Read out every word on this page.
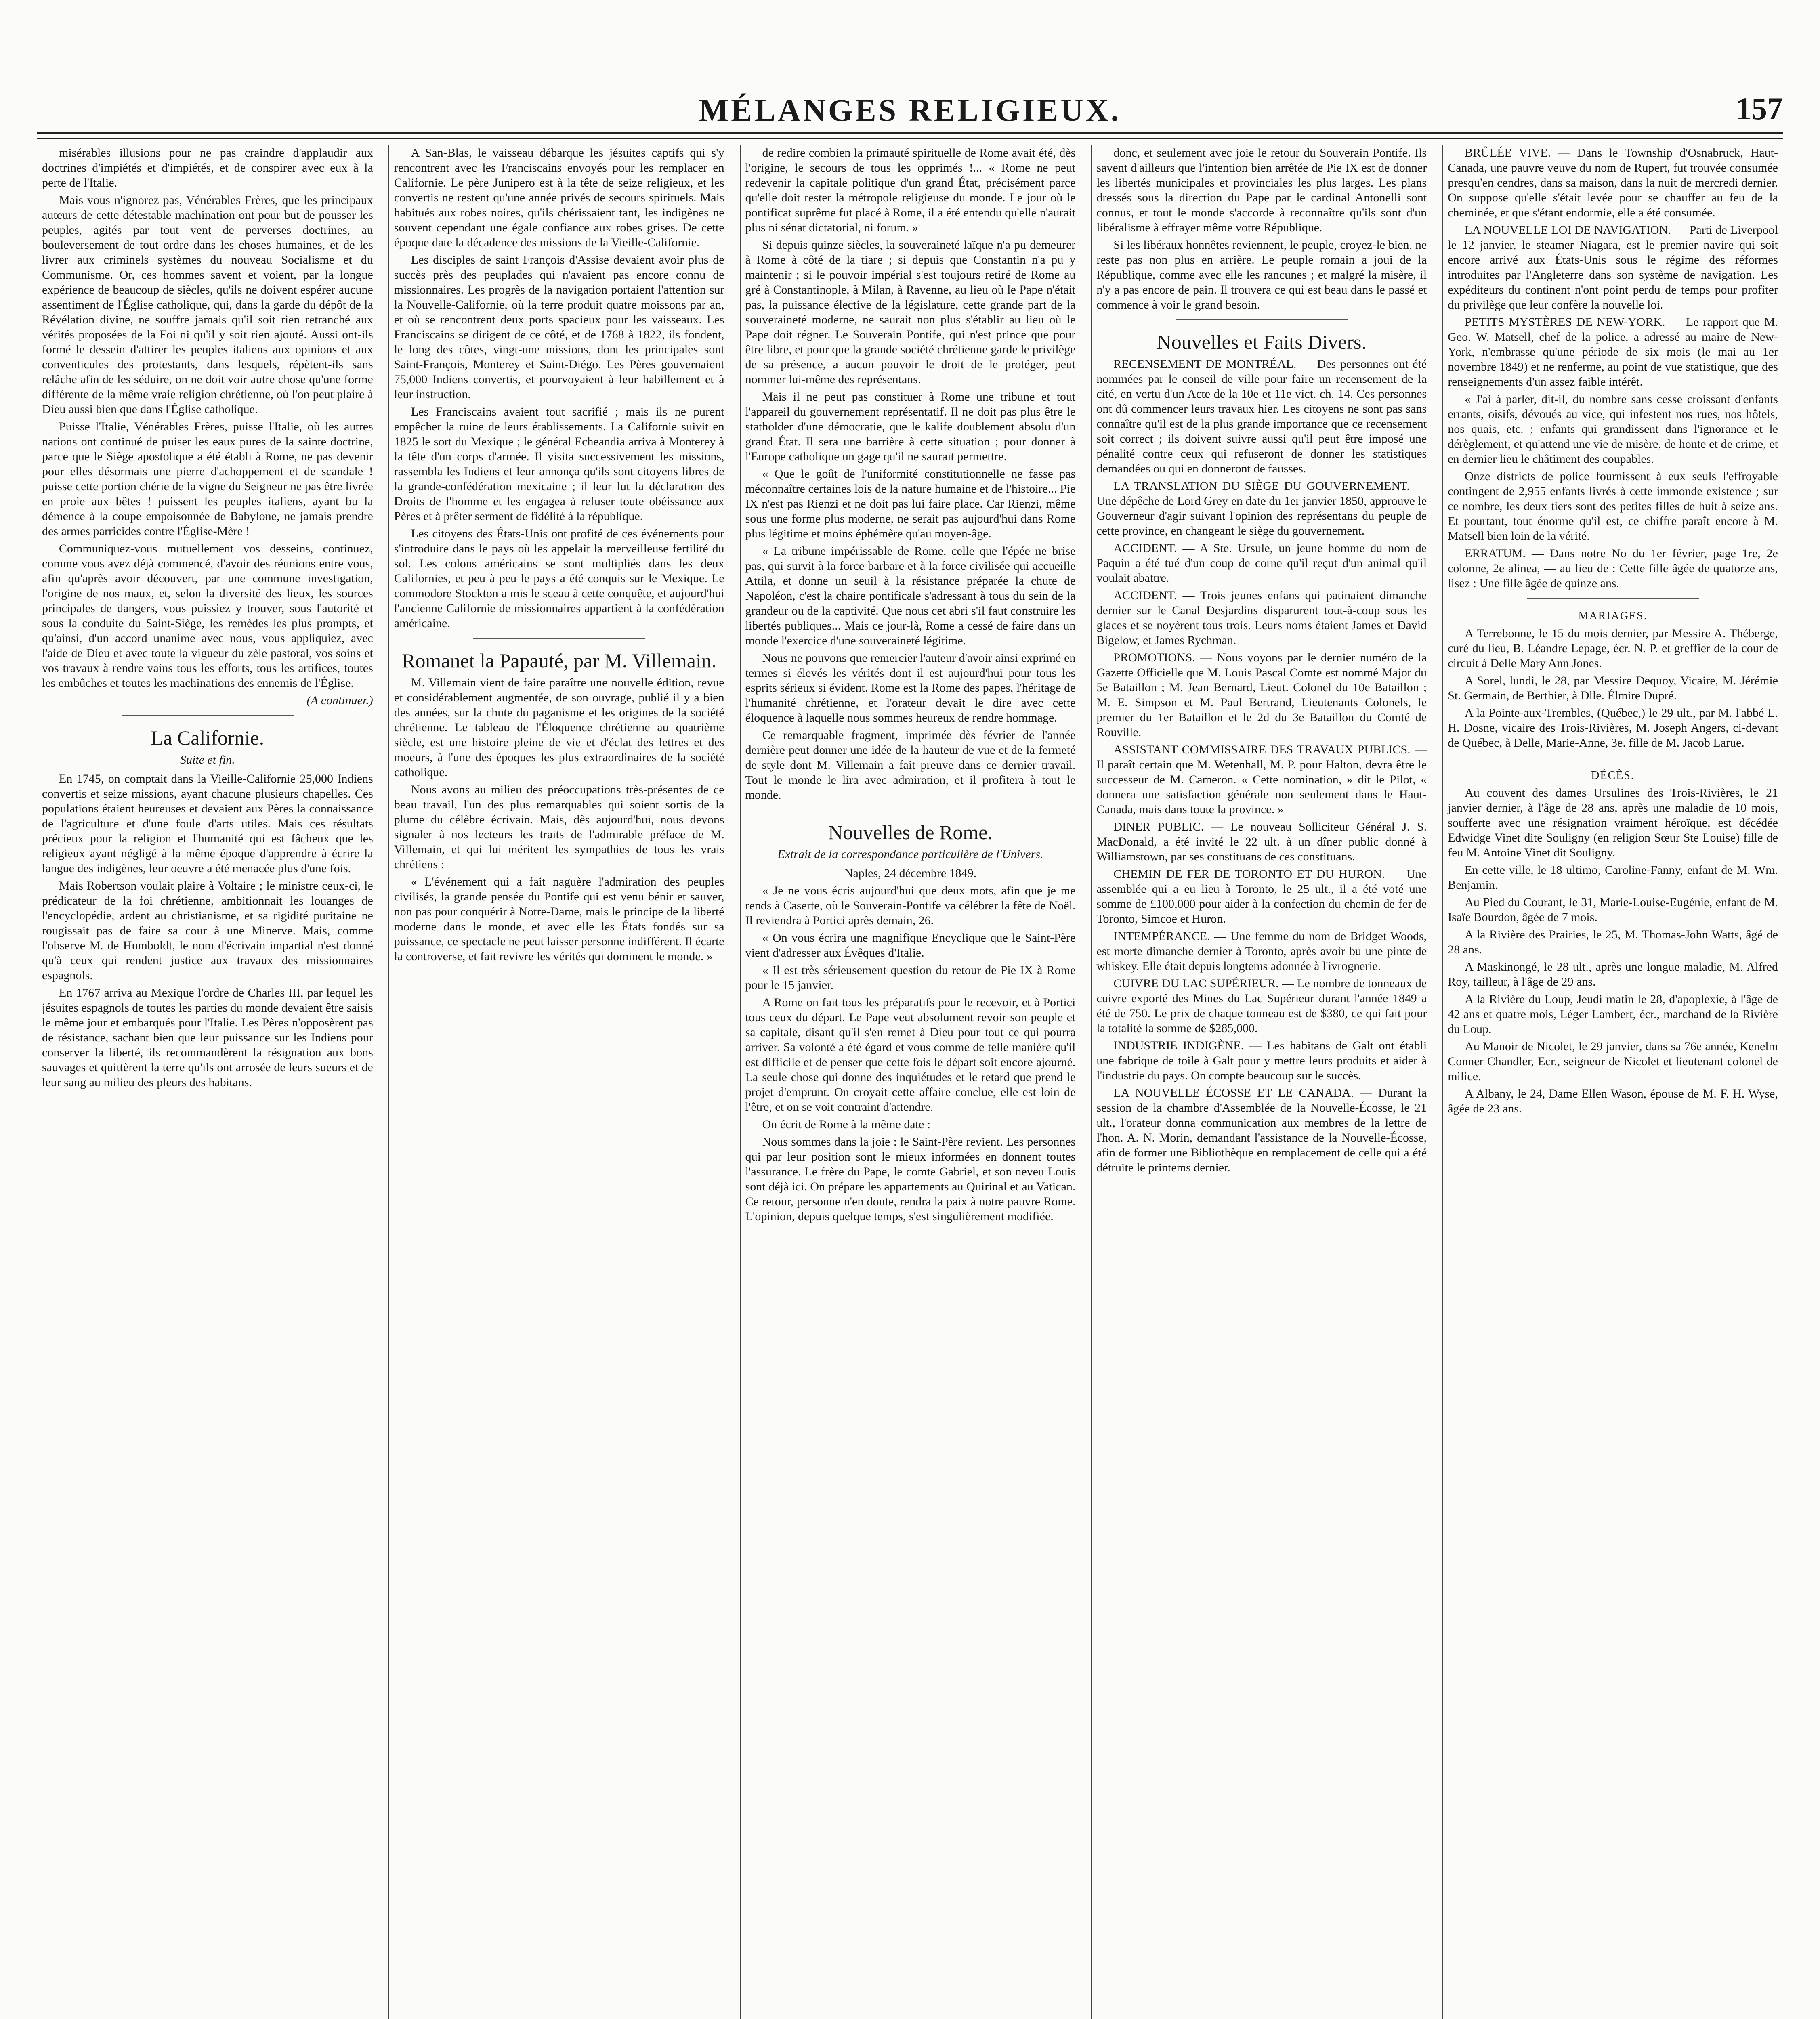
MÉLANGES RELIGIEUX.	157

misérables illusions pour ne pas craindre d'applaudir aux doctrines d'impiétés et d'impiétés, et de conspirer avec eux à la perte de l'Italie.

Mais vous n'ignorez pas, Vénérables Frères, que les principaux auteurs de cette détestable machination ont pour but de pousser les peuples, agités par tout vent de perverses doctrines, au bouleversement de tout ordre dans les choses humaines, et de les livrer aux criminels systèmes du nouveau Socialisme et du Communisme. Or, ces hommes savent et voient, par la longue expérience de beaucoup de siècles, qu'ils ne doivent espérer aucune assentiment de l'Église catholique, qui, dans la garde du dépôt de la Révélation divine, ne souffre jamais qu'il soit rien retranché aux vérités proposées de la Foi ni qu'il y soit rien ajouté. Aussi ont-ils formé le dessein d'attirer les peuples italiens aux opinions et aux conventicules des protestants, dans lesquels, répètent-ils sans relâche afin de les séduire, on ne doit voir autre chose qu'une forme différente de la même vraie religion chrétienne, où l'on peut plaire à Dieu aussi bien que dans l'Église catholique.

Puisse l'Italie, Vénérables Frères, puisse l'Italie, où les autres nations ont continué de puiser les eaux pures de la sainte doctrine, parce que le Siège apostolique a été établi à Rome, ne pas devenir pour elles désormais une pierre d'achoppement et de scandale ! puisse cette portion chérie de la vigne du Seigneur ne pas être livrée en proie aux bêtes ! puissent les peuples italiens, ayant bu la démence à la coupe empoisonnée de Babylone, ne jamais prendre des armes parricides contre l'Église-Mère !

Communiquez-vous mutuellement vos desseins, continuez, comme vous avez déjà commencé, d'avoir des réunions entre vous, afin qu'après avoir découvert, par une commune investigation, l'origine de nos maux, et, selon la diversité des lieux, les sources principales de dangers, vous puissiez y trouver, sous l'autorité et sous la conduite du Saint-Siège, les remèdes les plus prompts, et qu'ainsi, d'un accord unanime avec nous, vous appliquiez, avec l'aide de Dieu et avec toute la vigueur du zèle pastoral, vos soins et vos travaux à rendre vains tous les efforts, tous les artifices, toutes les embûches et toutes les machinations des ennemis de l'Église.

(A continuer.)
La Californie.
Suite et fin.

En 1745, on comptait dans la Vieille-Californie 25,000 Indiens convertis et seize missions, ayant chacune plusieurs chapelles. Ces populations étaient heureuses et devaient aux Pères la connaissance de l'agriculture et d'une foule d'arts utiles. Mais ces résultats précieux pour la religion et l'humanité qui est fâcheux que les religieux ayant négligé à la même époque d'apprendre à écrire la langue des indigènes, leur oeuvre a été menacée plus d'une fois.

Mais Robertson voulait plaire à Voltaire ; le ministre ceux-ci, le prédicateur de la foi chrétienne, ambitionnait les louanges de l'encyclopédie, ardent au christianisme, et sa rigidité puritaine ne rougissait pas de faire sa cour à une Minerve. Mais, comme l'observe M. de Humboldt, le nom d'écrivain impartial n'est donné qu'à ceux qui rendent justice aux travaux des missionnaires espagnols.

En 1767 arriva au Mexique l'ordre de Charles III, par lequel les jésuites espagnols de toutes les parties du monde devaient être saisis le même jour et embarqués pour l'Italie. Les Pères n'opposèrent pas de résistance, sachant bien que leur puissance sur les Indiens pour conserver la liberté, ils recommandèrent la résignation aux bons sauvages et quittèrent la terre qu'ils ont arrosée de leurs sueurs et de leur sang au milieu des pleurs des habitans.

A San-Blas, le vaisseau débarque les jésuites captifs qui s'y rencontrent avec les Franciscains envoyés pour les remplacer en Californie. Le père Junipero est à la tête de seize religieux, et les convertis ne restent qu'une année privés de secours spirituels. Mais habitués aux robes noires, qu'ils chérissaient tant, les indigènes ne souvent cependant une égale confiance aux robes grises. De cette époque date la décadence des missions de la Vieille-Californie.

Les disciples de saint François d'Assise devaient avoir plus de succès près des peuplades qui n'avaient pas encore connu de missionnaires. Les progrès de la navigation portaient l'attention sur la Nouvelle-Californie, où la terre produit quatre moissons par an, et où se rencontrent deux ports spacieux pour les vaisseaux. Les Franciscains se dirigent de ce côté, et de 1768 à 1822, ils fondent, le long des côtes, vingt-une missions, dont les principales sont Saint-François, Monterey et Saint-Diégo. Les Pères gouvernaient 75,000 Indiens convertis, et pourvoyaient à leur habillement et à leur instruction.

Les Franciscains avaient tout sacrifié ; mais ils ne purent empêcher la ruine de leurs établissements. La Californie suivit en 1825 le sort du Mexique ; le général Echeandia arriva à Monterey à la tête d'un corps d'armée. Il visita successivement les missions, rassembla les Indiens et leur annonça qu'ils sont citoyens libres de la grande-confédération mexicaine ; il leur lut la déclaration des Droits de l'homme et les engagea à refuser toute obéissance aux Pères et à prêter serment de fidélité à la république.

Les citoyens des États-Unis ont profité de ces événements pour s'introduire dans le pays où les appelait la merveilleuse fertilité du sol. Les colons américains se sont multipliés dans les deux Californies, et peu à peu le pays a été conquis sur le Mexique. Le commodore Stockton a mis le sceau à cette conquête, et aujourd'hui l'ancienne Californie de missionnaires appartient à la confédération américaine.

Romanet la Papauté, par M. Villemain.

M. Villemain vient de faire paraître une nouvelle édition, revue et considérablement augmentée, de son ouvrage, publié il y a bien des années, sur la chute du paganisme et les origines de la société chrétienne. Le tableau de l'Éloquence chrétienne au quatrième siècle, est une histoire pleine de vie et d'éclat des lettres et des moeurs, à l'une des époques les plus extraordinaires de la société catholique.

Nous avons au milieu des préoccupations très-présentes de ce beau travail, l'un des plus remarquables qui soient sortis de la plume du célèbre écrivain. Mais, dès aujourd'hui, nous devons signaler à nos lecteurs les traits de l'admirable préface de M. Villemain, et qui lui méritent les sympathies de tous les vrais chrétiens :

« L'événement qui a fait naguère l'admiration des peuples civilisés, la grande pensée du Pontife qui est venu bénir et sauver, non pas pour conquérir à Notre-Dame, mais le principe de la liberté moderne dans le monde, et avec elle les États fondés sur sa puissance, ce spectacle ne peut laisser personne indifférent. Il écarte la controverse, et fait revivre les vérités qui dominent le monde. »

de redire combien la primauté spirituelle de Rome avait été, dès l'origine, le secours de tous les opprimés !... « Rome ne peut redevenir la capitale politique d'un grand État, précisément parce qu'elle doit rester la métropole religieuse du monde. Le jour où le pontificat suprême fut placé à Rome, il a été entendu qu'elle n'aurait plus ni sénat dictatorial, ni forum. »

Si depuis quinze siècles, la souveraineté laïque n'a pu demeurer à Rome à côté de la tiare ; si depuis que Constantin n'a pu y maintenir ; si le pouvoir impérial s'est toujours retiré de Rome au gré à Constantinople, à Milan, à Ravenne, au lieu où le Pape n'était pas, la puissance élective de la législature, cette grande part de la souveraineté moderne, ne saurait non plus s'établir au lieu où le Pape doit régner. Le Souverain Pontife, qui n'est prince que pour être libre, et pour que la grande société chrétienne garde le privilège de sa présence, a aucun pouvoir le droit de le protéger, peut nommer lui-même des représentans.

Mais il ne peut pas constituer à Rome une tribune et tout l'appareil du gouvernement représentatif. Il ne doit pas plus être le statholder d'une démocratie, que le kalife doublement absolu d'un grand État. Il sera une barrière à cette situation ; pour donner à l'Europe catholique un gage qu'il ne saurait permettre.

« Que le goût de l'uniformité constitutionnelle ne fasse pas méconnaître certaines lois de la nature humaine et de l'histoire... Pie IX n'est pas Rienzi et ne doit pas lui faire place. Car Rienzi, même sous une forme plus moderne, ne serait pas aujourd'hui dans Rome plus légitime et moins éphémère qu'au moyen-âge.

« La tribune impérissable de Rome, celle que l'épée ne brise pas, qui survit à la force barbare et à la force civilisée qui accueille Attila, et donne un seuil à la résistance préparée la chute de Napoléon, c'est la chaire pontificale s'adressant à tous du sein de la grandeur ou de la captivité. Que nous cet abri s'il faut construire les libertés publiques... Mais ce jour-là, Rome a cessé de faire dans un monde l'exercice d'une souveraineté légitime.

Nous ne pouvons que remercier l'auteur d'avoir ainsi exprimé en termes si élevés les vérités dont il est aujourd'hui pour tous les esprits sérieux si évident. Rome est la Rome des papes, l'héritage de l'humanité chrétienne, et l'orateur devait le dire avec cette éloquence à laquelle nous sommes heureux de rendre hommage.

Ce remarquable fragment, imprimée dès février de l'année dernière peut donner une idée de la hauteur de vue et de la fermeté de style dont M. Villemain a fait preuve dans ce dernier travail. Tout le monde le lira avec admiration, et il profitera à tout le monde.

Nouvelles de Rome.
Extrait de la correspondance particulière de l'Univers.
Naples, 24 décembre 1849.

« Je ne vous écris aujourd'hui que deux mots, afin que je me rends à Caserte, où le Souverain-Pontife va célébrer la fête de Noël. Il reviendra à Portici après demain, 26.

« On vous écrira une magnifique Encyclique que le Saint-Père vient d'adresser aux Évêques d'Italie.

« Il est très sérieusement question du retour de Pie IX à Rome pour le 15 janvier.

A Rome on fait tous les préparatifs pour le recevoir, et à Portici tous ceux du départ. Le Pape veut absolument revoir son peuple et sa capitale, disant qu'il s'en remet à Dieu pour tout ce qui pourra arriver. Sa volonté a été égard et vous comme de telle manière qu'il est difficile et de penser que cette fois le départ soit encore ajourné. La seule chose qui donne des inquiétudes et le retard que prend le projet d'emprunt. On croyait cette affaire conclue, elle est loin de l'être, et on se voit contraint d'attendre.

On écrit de Rome à la même date :

Nous sommes dans la joie : le Saint-Père revient. Les personnes qui par leur position sont le mieux informées en donnent toutes l'assurance. Le frère du Pape, le comte Gabriel, et son neveu Louis sont déjà ici. On prépare les appartements au Quirinal et au Vatican. Ce retour, personne n'en doute, rendra la paix à notre pauvre Rome. L'opinion, depuis quelque temps, s'est singulièrement modifiée.

donc, et seulement avec joie le retour du Souverain Pontife. Ils savent d'ailleurs que l'intention bien arrêtée de Pie IX est de donner les libertés municipales et provinciales les plus larges. Les plans dressés sous la direction du Pape par le cardinal Antonelli sont connus, et tout le monde s'accorde à reconnaître qu'ils sont d'un libéralisme à effrayer même votre République.

Si les libéraux honnêtes reviennent, le peuple, croyez-le bien, ne reste pas non plus en arrière. Le peuple romain a joui de la République, comme avec elle les rancunes ; et malgré la misère, il n'y a pas encore de pain. Il trouvera ce qui est beau dans le passé et commence à voir le grand besoin.

Nouvelles et Faits Divers.

RECENSEMENT DE MONTRÉAL. — Des personnes ont été nommées par le conseil de ville pour faire un recensement de la cité, en vertu d'un Acte de la 10e et 11e vict. ch. 14. Ces personnes ont dû commencer leurs travaux hier. Les citoyens ne sont pas sans connaître qu'il est de la plus grande importance que ce recensement soit correct ; ils doivent suivre aussi qu'il peut être imposé une pénalité contre ceux qui refuseront de donner les statistiques demandées ou qui en donneront de fausses.

LA TRANSLATION DU SIÈGE DU GOUVERNEMENT. — Une dépêche de Lord Grey en date du 1er janvier 1850, approuve le Gouverneur d'agir suivant l'opinion des représentans du peuple de cette province, en changeant le siège du gouvernement.

ACCIDENT. — A Ste. Ursule, un jeune homme du nom de Paquin a été tué d'un coup de corne qu'il reçut d'un animal qu'il voulait abattre.

ACCIDENT. — Trois jeunes enfans qui patinaient dimanche dernier sur le Canal Desjardins disparurent tout-à-coup sous les glaces et se noyèrent tous trois. Leurs noms étaient James et David Bigelow, et James Rychman.

PROMOTIONS. — Nous voyons par le dernier numéro de la Gazette Officielle que M. Louis Pascal Comte est nommé Major du 5e Bataillon ; M. Jean Bernard, Lieut. Colonel du 10e Bataillon ; M. E. Simpson et M. Paul Bertrand, Lieutenants Colonels, le premier du 1er Bataillon et le 2d du 3e Bataillon du Comté de Rouville.

ASSISTANT COMMISSAIRE DES TRAVAUX PUBLICS. — Il paraît certain que M. Wetenhall, M. P. pour Halton, devra être le successeur de M. Cameron. « Cette nomination, » dit le Pilot, « donnera une satisfaction générale non seulement dans le Haut-Canada, mais dans toute la province. »

DINER PUBLIC. — Le nouveau Solliciteur Général J. S. MacDonald, a été invité le 22 ult. à un dîner public donné à Williamstown, par ses constituans de ces constituans.

CHEMIN DE FER DE TORONTO ET DU HURON. — Une assemblée qui a eu lieu à Toronto, le 25 ult., il a été voté une somme de £100,000 pour aider à la confection du chemin de fer de Toronto, Simcoe et Huron.

INTEMPÉRANCE. — Une femme du nom de Bridget Woods, est morte dimanche dernier à Toronto, après avoir bu une pinte de whiskey. Elle était depuis longtems adonnée à l'ivrognerie.

CUIVRE DU LAC SUPÉRIEUR. — Le nombre de tonneaux de cuivre exporté des Mines du Lac Supérieur durant l'année 1849 a été de 750. Le prix de chaque tonneau est de $380, ce qui fait pour la totalité la somme de $285,000.

INDUSTRIE INDIGÈNE. — Les habitans de Galt ont établi une fabrique de toile à Galt pour y mettre leurs produits et aider à l'industrie du pays. On compte beaucoup sur le succès.

LA NOUVELLE ÉCOSSE ET LE CANADA. — Durant la session de la chambre d'Assemblée de la Nouvelle-Écosse, le 21 ult., l'orateur donna communication aux membres de la lettre de l'hon. A. N. Morin, demandant l'assistance de la Nouvelle-Écosse, afin de former une Bibliothèque en remplacement de celle qui a été détruite le printems dernier.

BRÛLÉE VIVE. — Dans le Township d'Osnabruck, Haut-Canada, une pauvre veuve du nom de Rupert, fut trouvée consumée presqu'en cendres, dans sa maison, dans la nuit de mercredi dernier. On suppose qu'elle s'était levée pour se chauffer au feu de la cheminée, et que s'étant endormie, elle a été consumée.

LA NOUVELLE LOI DE NAVIGATION. — Parti de Liverpool le 12 janvier, le steamer Niagara, est le premier navire qui soit encore arrivé aux États-Unis sous le régime des réformes introduites par l'Angleterre dans son système de navigation. Les expéditeurs du continent n'ont point perdu de temps pour profiter du privilège que leur confère la nouvelle loi.

PETITS MYSTÈRES DE NEW-YORK. — Le rapport que M. Geo. W. Matsell, chef de la police, a adressé au maire de New-York, n'embrasse qu'une période de six mois (le mai au 1er novembre 1849) et ne renferme, au point de vue statistique, que des renseignements d'un assez faible intérêt.

« J'ai à parler, dit-il, du nombre sans cesse croissant d'enfants errants, oisifs, dévoués au vice, qui infestent nos rues, nos hôtels, nos quais, etc. ; enfants qui grandissent dans l'ignorance et le dérèglement, et qu'attend une vie de misère, de honte et de crime, et en dernier lieu le châtiment des coupables.

Onze districts de police fournissent à eux seuls l'effroyable contingent de 2,955 enfants livrés à cette immonde existence ; sur ce nombre, les deux tiers sont des petites filles de huit à seize ans. Et pourtant, tout énorme qu'il est, ce chiffre paraît encore à M. Matsell bien loin de la vérité.

ERRATUM. — Dans notre No du 1er février, page 1re, 2e colonne, 2e alinea, — au lieu de : Cette fille âgée de quatorze ans, lisez : Une fille âgée de quinze ans.

MARIAGES.

A Terrebonne, le 15 du mois dernier, par Messire A. Théberge, curé du lieu, B. Léandre Lepage, écr. N. P. et greffier de la cour de circuit à Delle Mary Ann Jones.

A Sorel, lundi, le 28, par Messire Dequoy, Vicaire, M. Jérémie St. Germain, de Berthier, à Dlle. Élmire Dupré.

A la Pointe-aux-Trembles, (Québec,) le 29 ult., par M. l'abbé L. H. Dosne, vicaire des Trois-Rivières, M. Joseph Angers, ci-devant de Québec, à Delle, Marie-Anne, 3e. fille de M. Jacob Larue.

DÉCÈS.

Au couvent des dames Ursulines des Trois-Rivières, le 21 janvier dernier, à l'âge de 28 ans, après une maladie de 10 mois, soufferte avec une résignation vraiment héroïque, est décédée Edwidge Vinet dite Souligny (en religion Sœur Ste Louise) fille de feu M. Antoine Vinet dit Souligny.

En cette ville, le 18 ultimo, Caroline-Fanny, enfant de M. Wm. Benjamin.

Au Pied du Courant, le 31, Marie-Louise-Eugénie, enfant de M. Isaïe Bourdon, âgée de 7 mois.

A la Rivière des Prairies, le 25, M. Thomas-John Watts, âgé de 28 ans.

A Maskinongé, le 28 ult., après une longue maladie, M. Alfred Roy, tailleur, à l'âge de 29 ans.

A la Rivière du Loup, Jeudi matin le 28, d'apoplexie, à l'âge de 42 ans et quatre mois, Léger Lambert, écr., marchand de la Rivière du Loup.

Au Manoir de Nicolet, le 29 janvier, dans sa 76e année, Kenelm Conner Chandler, Ecr., seigneur de Nicolet et lieutenant colonel de milice.

A Albany, le 24, Dame Ellen Wason, épouse de M. F. H. Wyse, âgée de 23 ans.
